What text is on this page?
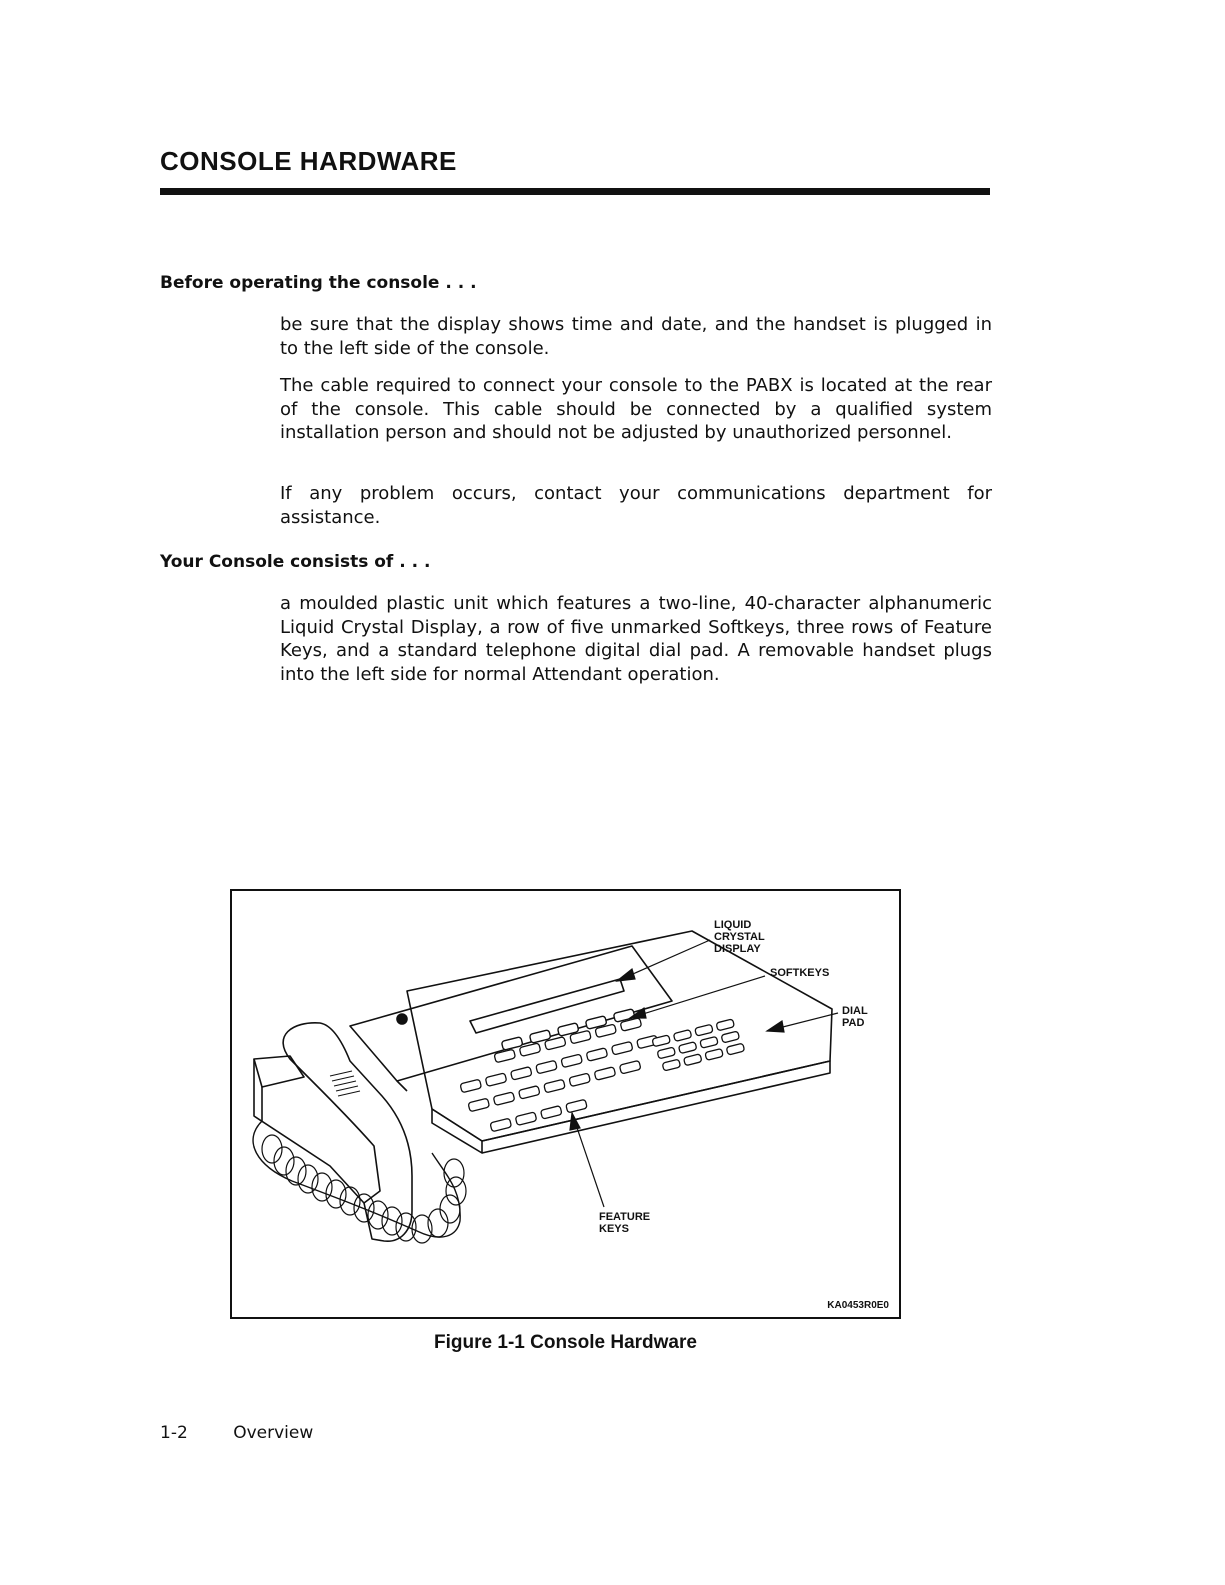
CONSOLE HARDWARE
Before operating the console . . .

be sure that the display shows time and date, and the handset is plugged in to the left side of the console.

The cable required to connect your console to the PABX is located at the rear of the console. This cable should be connected by a qualified system installation person and should not be adjusted by unauthorized personnel.

If any problem occurs, contact your communications department for assistance.

Your Console consists of . . .

a moulded plastic unit which features a two-line, 40-character alphanumeric Liquid Crystal Display, a row of five unmarked Softkeys, three rows of Feature Keys, and a standard telephone digital dial pad. A removable handset plugs into the left side for normal Attendant operation.

LIQUID
CRYSTAL
DISPLAY
SOFTKEYS
DIAL
PAD
FEATURE
KEYS
KA0453R0E0

Figure 1-1 Console Hardware

1-2	Overview
